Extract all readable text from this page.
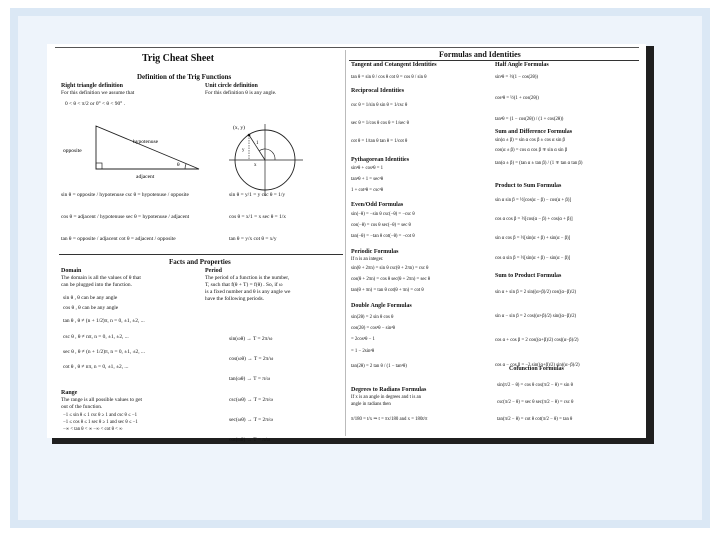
Trig Cheat Sheet
Definition of the Trig Functions
Right triangle definition
For this definition we assume that
0 < θ < π/2 or 0° < θ < 90° .
opposite
hypotenuse
adjacent
θ
Unit circle definition
For this definition θ is any angle.
(x, y)
x
y
1
sin θ = opposite / hypotenuse csc θ = hypotenuse / opposite
cos θ = adjacent / hypotenuse sec θ = hypotenuse / adjacent
tan θ = opposite / adjacent cot θ = adjacent / opposite
sin θ = y/1 = y csc θ = 1/y
cos θ = x/1 = x sec θ = 1/x
tan θ = y/x cot θ = x/y
Facts and Properties
Domain
The domain is all the values of θ that
can be plugged into the function.
sin θ , θ can be any angle
cos θ , θ can be any angle
tan θ , θ ≠ (n + 1/2)π, n = 0, ±1, ±2, ...
csc θ , θ ≠ nπ, n = 0, ±1, ±2, ...
sec θ , θ ≠ (n + 1/2)π, n = 0, ±1, ±2, ...
cot θ , θ ≠ nπ, n = 0, ±1, ±2, ...
Range
The range is all possible values to get
out of the function.
−1 ≤ sin θ ≤ 1 csc θ ≥ 1 and csc θ ≤ −1
−1 ≤ cos θ ≤ 1 sec θ ≥ 1 and sec θ ≤ −1
−∞ < tan θ < ∞ −∞ < cot θ < ∞
Period
The period of a function is the number,
T, such that f(θ + T) = f(θ) . So, if ω
is a fixed number and θ is any angle we
have the following periods.
sin(ωθ) → T = 2π/ω
cos(ωθ) → T = 2π/ω
tan(ωθ) → T = π/ω
csc(ωθ) → T = 2π/ω
sec(ωθ) → T = 2π/ω
cot(ωθ) → T = π/ω
Formulas and Identities
Tangent and Cotangent Identities
tan θ = sin θ / cos θ cot θ = cos θ / sin θ
Reciprocal Identities
csc θ = 1/sin θ sin θ = 1/csc θ
sec θ = 1/cos θ cos θ = 1/sec θ
cot θ = 1/tan θ tan θ = 1/cot θ
Pythagorean Identities
sin²θ + cos²θ = 1
tan²θ + 1 = sec²θ
1 + cot²θ = csc²θ
Even/Odd Formulas
sin(−θ) = −sin θ csc(−θ) = −csc θ
cos(−θ) = cos θ sec(−θ) = sec θ
tan(−θ) = −tan θ cot(−θ) = −cot θ
Periodic Formulas
If n is an integer.
sin(θ + 2πn) = sin θ csc(θ + 2πn) = csc θ
cos(θ + 2πn) = cos θ sec(θ + 2πn) = sec θ
tan(θ + πn) = tan θ cot(θ + πn) = cot θ
Double Angle Formulas
sin(2θ) = 2 sin θ cos θ
cos(2θ) = cos²θ − sin²θ
= 2cos²θ − 1
= 1 − 2sin²θ
tan(2θ) = 2 tan θ / (1 − tan²θ)
Degrees to Radians Formulas
If x is an angle in degrees and t is an
angle in radians then
π/180 = t/x ⇒ t = πx/180 and x = 180t/π
Half Angle Formulas
sin²θ = ½(1 − cos(2θ))
cos²θ = ½(1 + cos(2θ))
tan²θ = (1 − cos(2θ)) / (1 + cos(2θ))
Sum and Difference Formulas
sin(α ± β) = sin α cos β ± cos α sin β
cos(α ± β) = cos α cos β ∓ sin α sin β
tan(α ± β) = (tan α ± tan β) / (1 ∓ tan α tan β)
Product to Sum Formulas
sin α sin β = ½[cos(α − β) − cos(α + β)]
cos α cos β = ½[cos(α − β) + cos(α + β)]
sin α cos β = ½[sin(α + β) + sin(α − β)]
cos α sin β = ½[sin(α + β) − sin(α − β)]
Sum to Product Formulas
sin α + sin β = 2 sin((α+β)/2) cos((α−β)/2)
sin α − sin β = 2 cos((α+β)/2) sin((α−β)/2)
cos α + cos β = 2 cos((α+β)/2) cos((α−β)/2)
cos α − cos β = −2 sin((α+β)/2) sin((α−β)/2)
Cofunction Formulas
sin(π/2 − θ) = cos θ cos(π/2 − θ) = sin θ
csc(π/2 − θ) = sec θ sec(π/2 − θ) = csc θ
tan(π/2 − θ) = cot θ cot(π/2 − θ) = tan θ
